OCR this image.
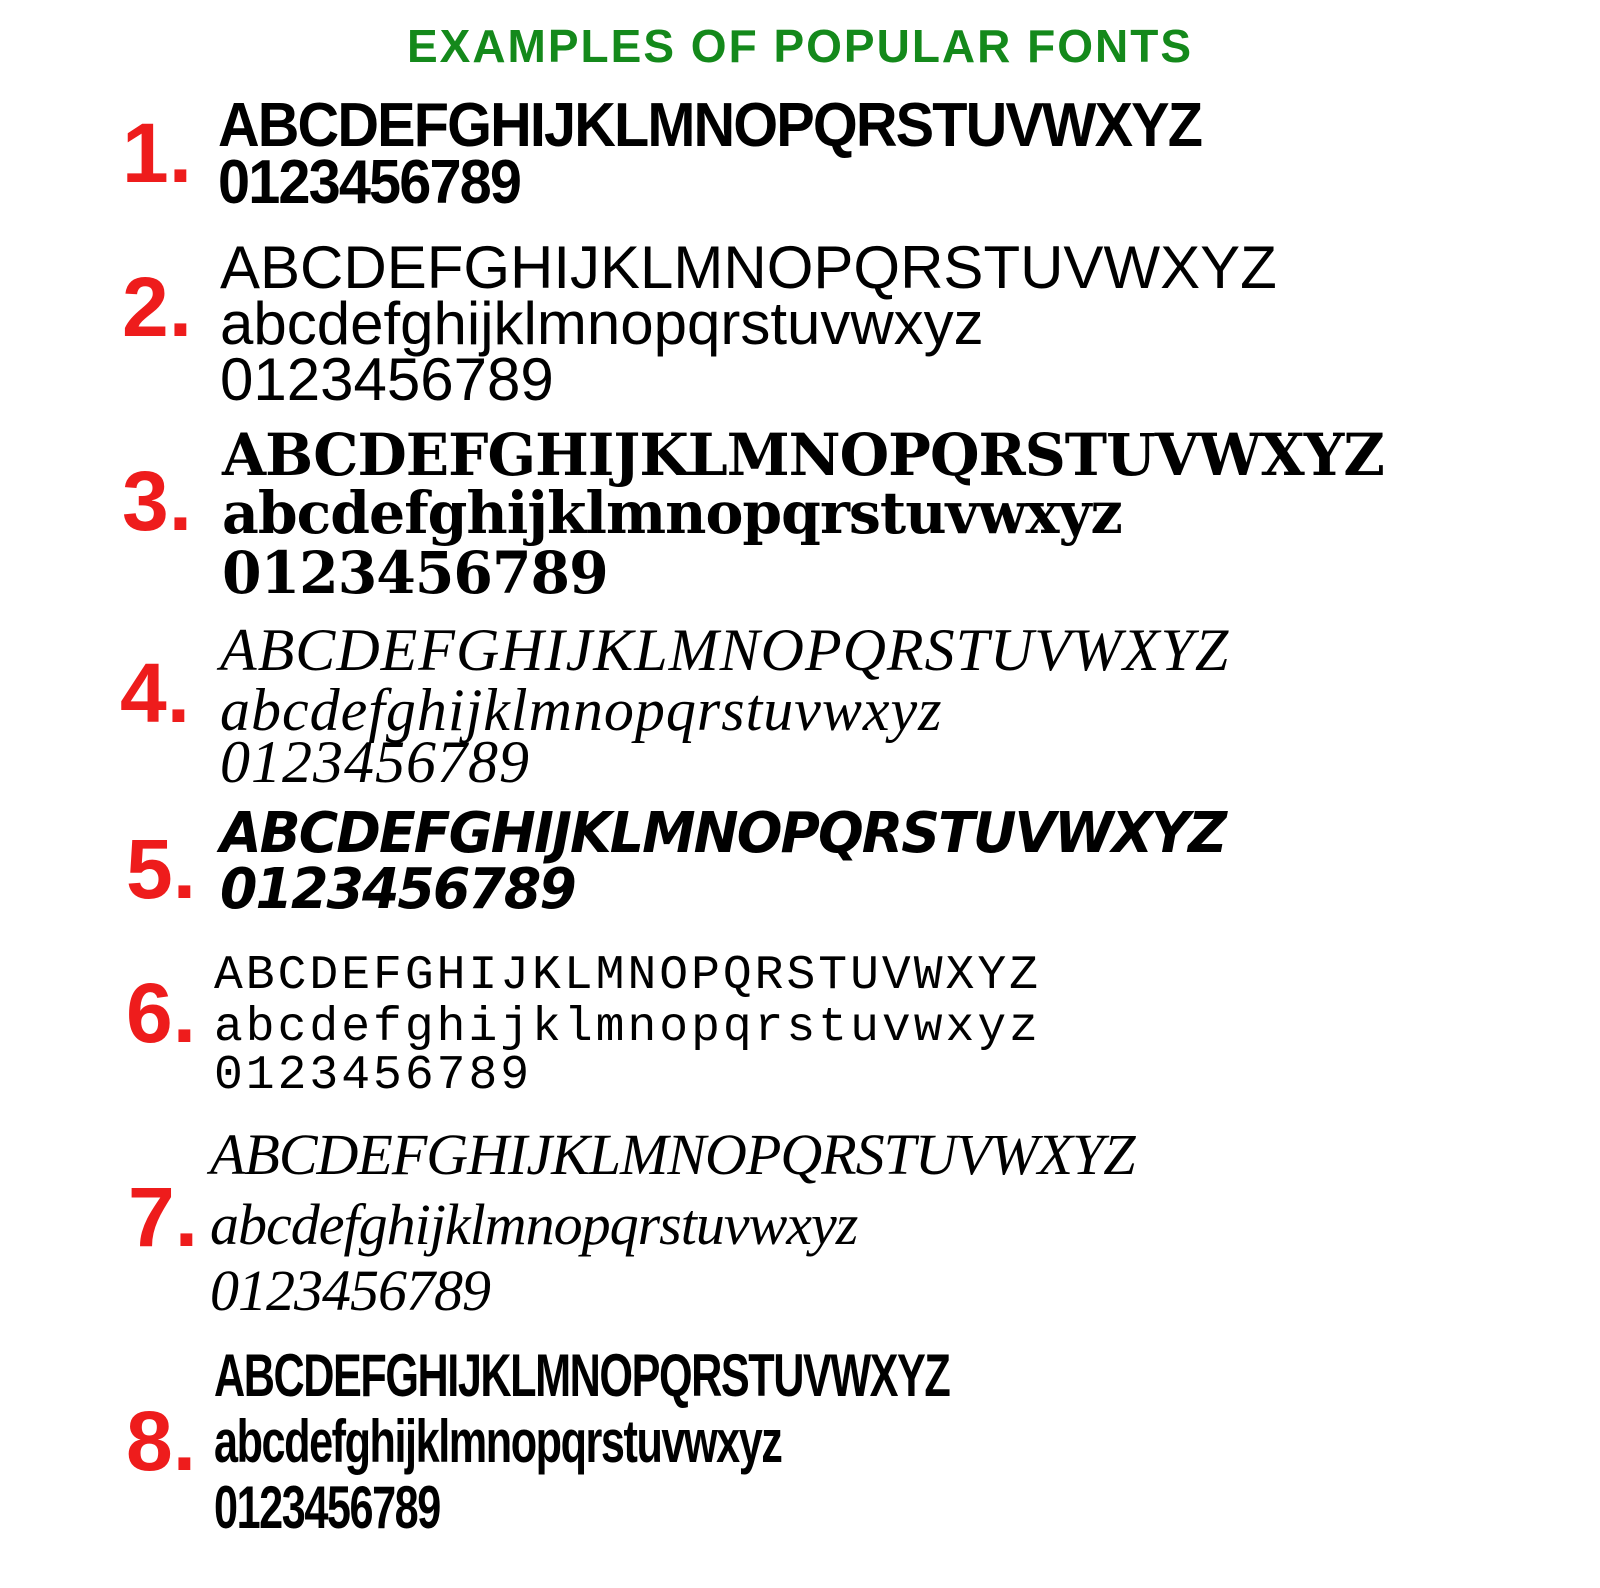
EXAMPLES OF POPULAR FONTS
1. ABCDEFGHIJKLMNOPQRSTUVWXYZ
0123456789
2. ABCDEFGHIJKLMNOPQRSTUVWXYZ
abcdefghijklmnopqrstuvwxyz
0123456789
3. ABCDEFGHIJKLMNOPQRSTUVWXYZ
abcdefghijklmnopqrstuvwxyz
0123456789
4. ABCDEFGHIJKLMNOPQRSTUVWXYZ
abcdefghijklmnopqrstuvwxyz
0123456789
5. ABCDEFGHIJKLMNOPQRSTUVWXYZ
0123456789
6. ABCDEFGHIJKLMNOPQRSTUVWXYZ
abcdefghijklmnopqrstuvwxyz
0123456789
7.
ABCDEFGHIJKLMNOPQRSTUVWXYZ
abcdefghijklmnopqrstuvwxyz
0123456789
8.
ABCDEFGHIJKLMNOPQRSTUVWXYZ
abcdefghijklmnopqrstuvwxyz
0123456789
